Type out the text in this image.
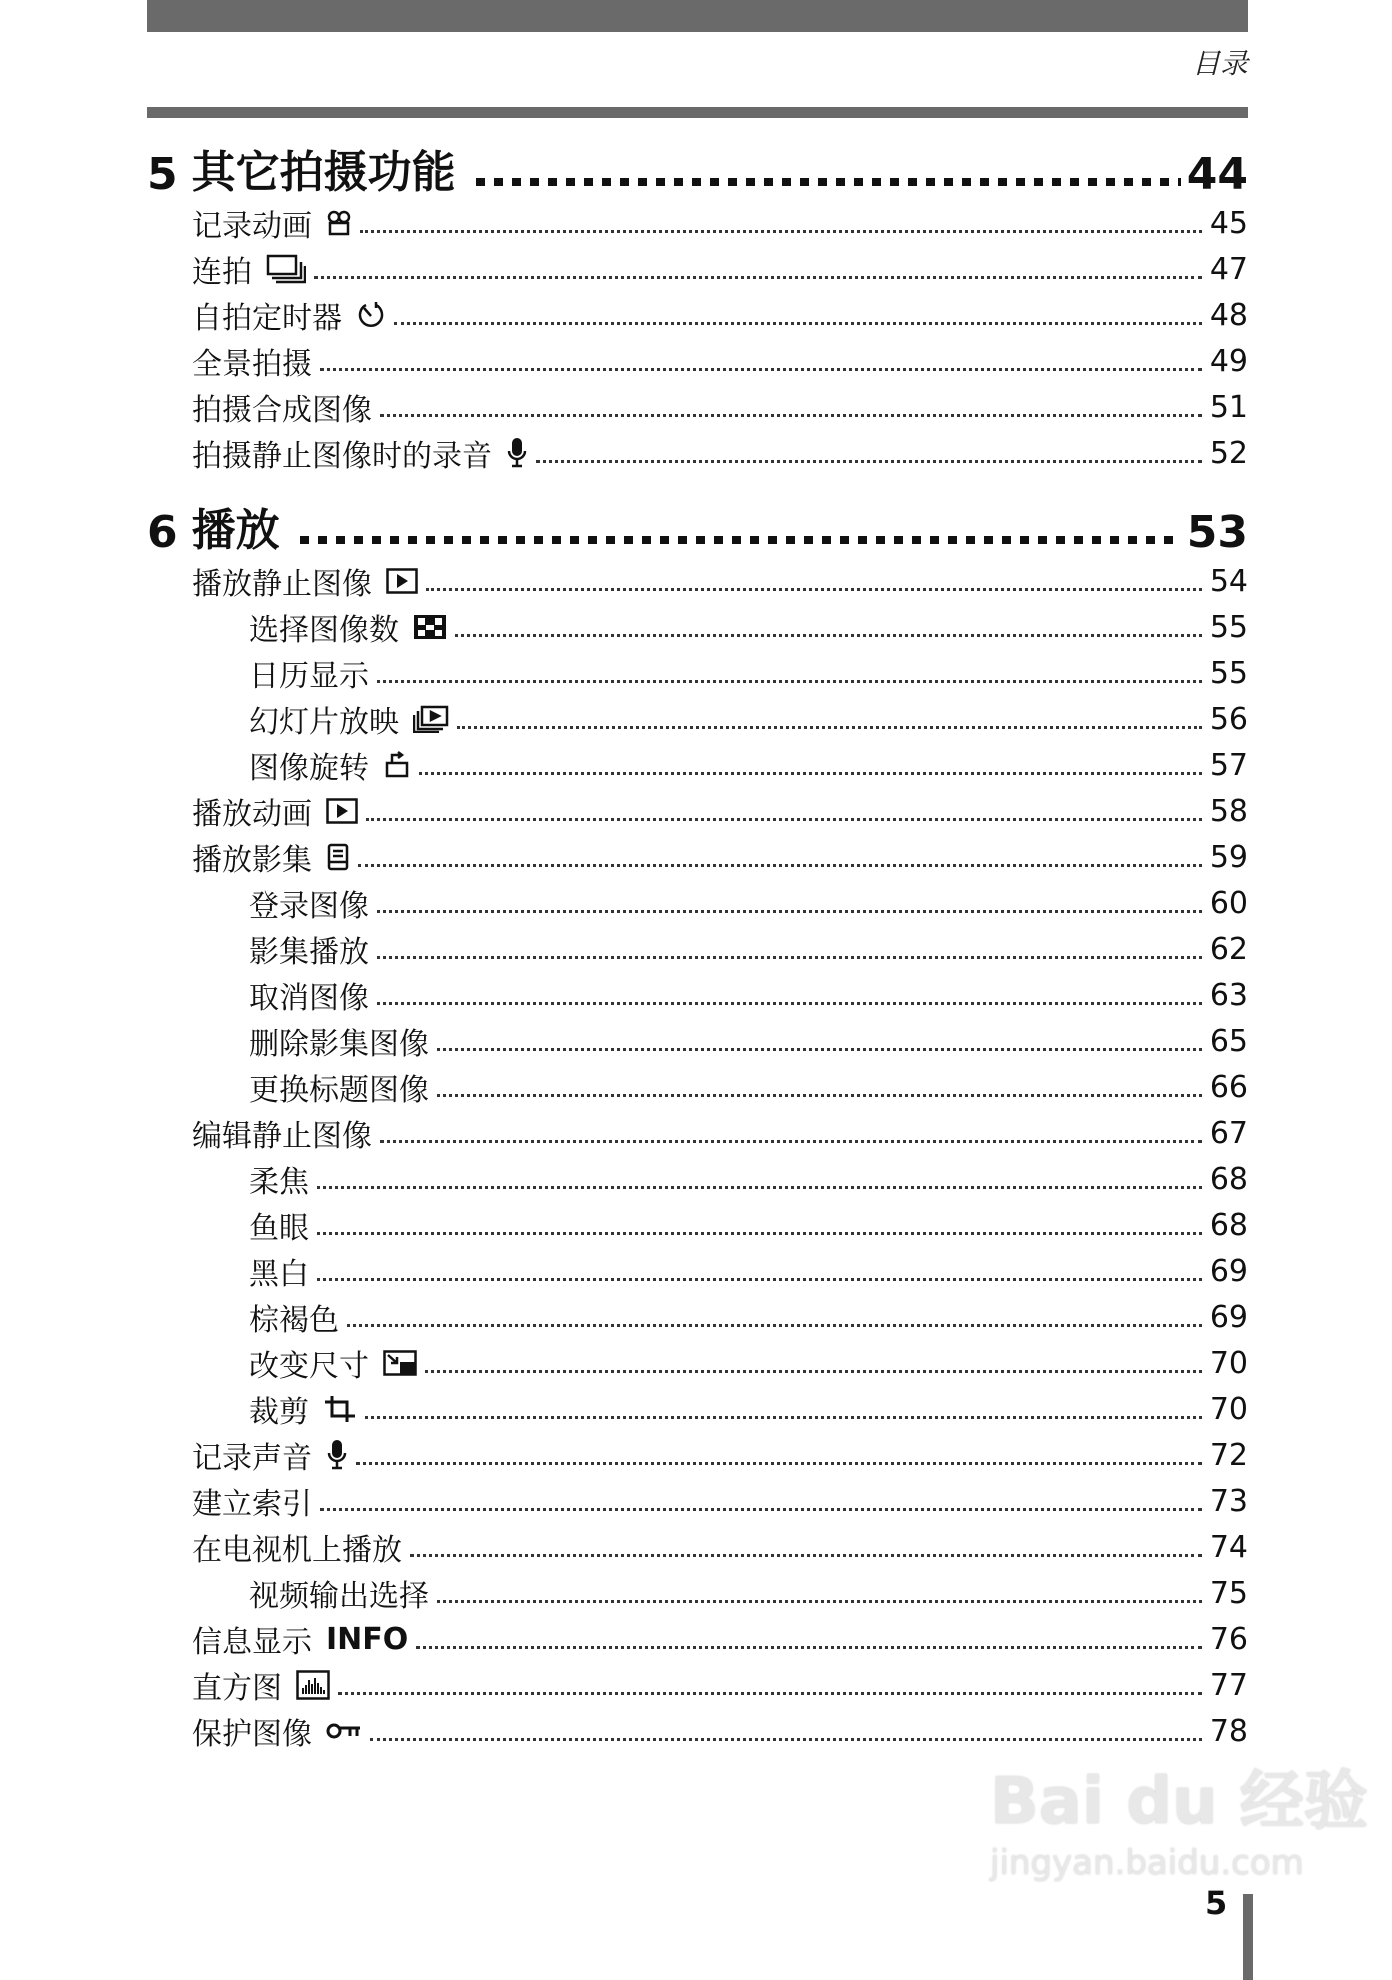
目录
5 其它拍摄功能	44
记录动画	45
连拍	47
自拍定时器	48
全景拍摄	49
拍摄合成图像	51
拍摄静止图像时的录音	52
6 播放	53
播放静止图像	54
选择图像数	55
日历显示	55
幻灯片放映	56
图像旋转	57
播放动画	58
播放影集	59
登录图像	60
影集播放	62
取消图像	63
删除影集图像	65
更换标题图像	66
编辑静止图像	67
柔焦	68
鱼眼	68
黑白	69
棕褐色	69
改变尺寸	70
裁剪	70
记录声音	72
建立索引	73
在电视机上播放	74
视频输出选择	75
信息显示 INFO	76
直方图	77
保护图像	78
Bai du 经验
jingyan.baidu.com
5
